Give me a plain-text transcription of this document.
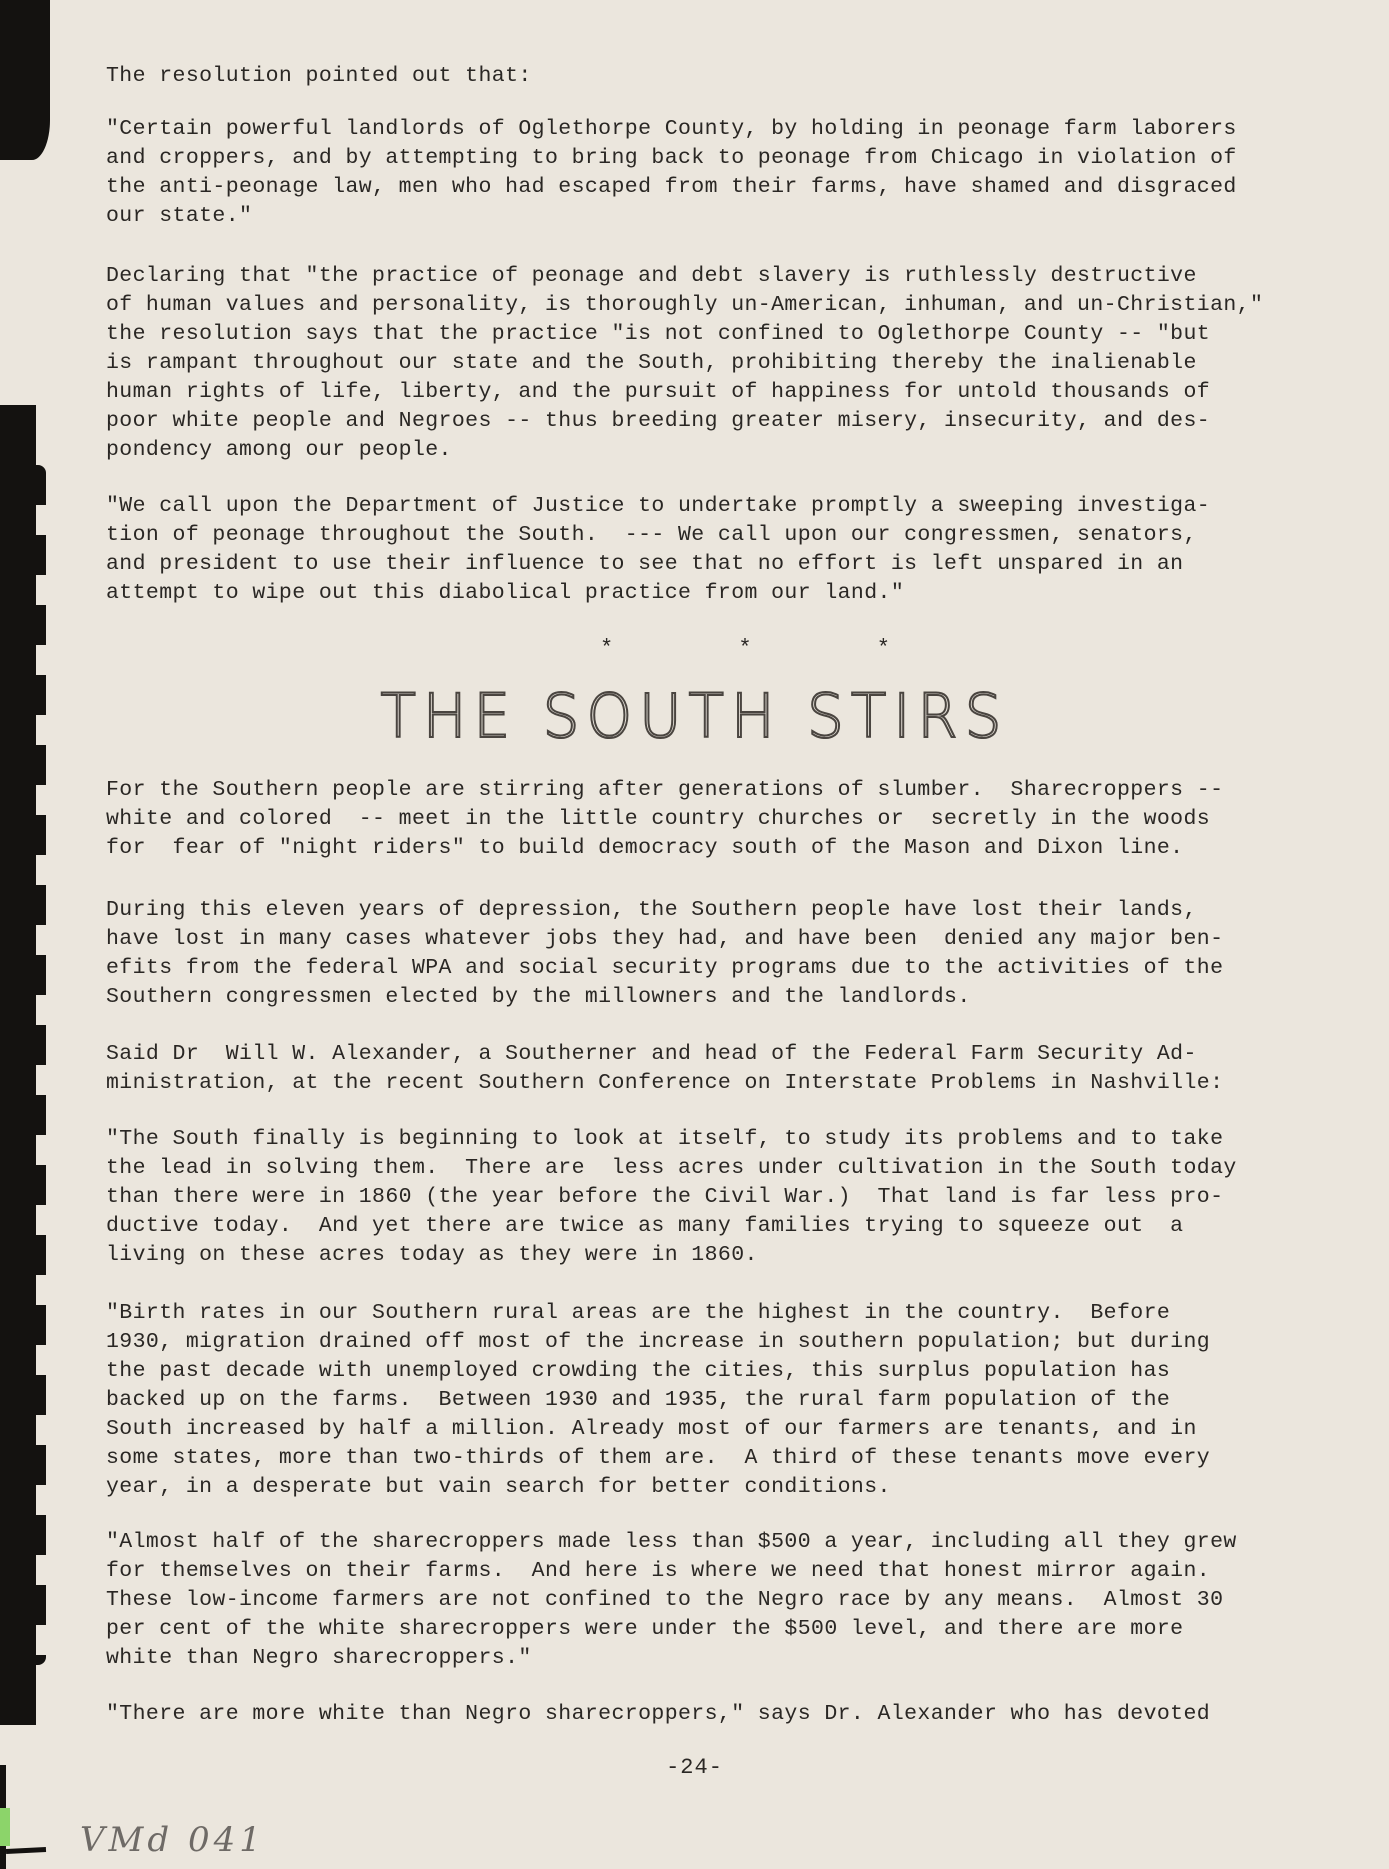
The resolution pointed out that:

"Certain powerful landlords of Oglethorpe County, by holding in peonage farm laborers

and croppers, and by attempting to bring back to peonage from Chicago in violation of

the anti-peonage law, men who had escaped from their farms, have shamed and disgraced

our state."

Declaring that "the practice of peonage and debt slavery is ruthlessly destructive

of human values and personality, is thoroughly un-American, inhuman, and un-Christian,"

the resolution says that the practice "is not confined to Oglethorpe County -- "but

is rampant throughout our state and the South, prohibiting thereby the inalienable

human rights of life, liberty, and the pursuit of happiness for untold thousands of

poor white people and Negroes -- thus breeding greater misery, insecurity, and des-

pondency among our people.

"We call upon the Department of Justice to undertake promptly a sweeping investiga-

tion of peonage throughout the South.  --- We call upon our congressmen, senators,

and president to use their influence to see that no effort is left unspared in an

attempt to wipe out this diabolical practice from our land."

*	*	*
THE SOUTH STIRS

For the Southern people are stirring after generations of slumber.  Sharecroppers --

white and colored  -- meet in the little country churches or  secretly in the woods

for  fear of "night riders" to build democracy south of the Mason and Dixon line.

During this eleven years of depression, the Southern people have lost their lands,

have lost in many cases whatever jobs they had, and have been  denied any major ben-

efits from the federal WPA and social security programs due to the activities of the

Southern congressmen elected by the millowners and the landlords.

Said Dr  Will W. Alexander, a Southerner and head of the Federal Farm Security Ad-

ministration, at the recent Southern Conference on Interstate Problems in Nashville:

"The South finally is beginning to look at itself, to study its problems and to take

the lead in solving them.  There are  less acres under cultivation in the South today

than there were in 1860 (the year before the Civil War.)  That land is far less pro-

ductive today.  And yet there are twice as many families trying to squeeze out  a

living on these acres today as they were in 1860.

"Birth rates in our Southern rural areas are the highest in the country.  Before

1930, migration drained off most of the increase in southern population; but during

the past decade with unemployed crowding the cities, this surplus population has

backed up on the farms.  Between 1930 and 1935, the rural farm population of the

South increased by half a million. Already most of our farmers are tenants, and in

some states, more than two-thirds of them are.  A third of these tenants move every

year, in a desperate but vain search for better conditions.

"Almost half of the sharecroppers made less than $500 a year, including all they grew

for themselves on their farms.  And here is where we need that honest mirror again.

These low-income farmers are not confined to the Negro race by any means.  Almost 30

per cent of the white sharecroppers were under the $500 level, and there are more

white than Negro sharecroppers."

"There are more white than Negro sharecroppers," says Dr. Alexander who has devoted

-24-
VMd 041
